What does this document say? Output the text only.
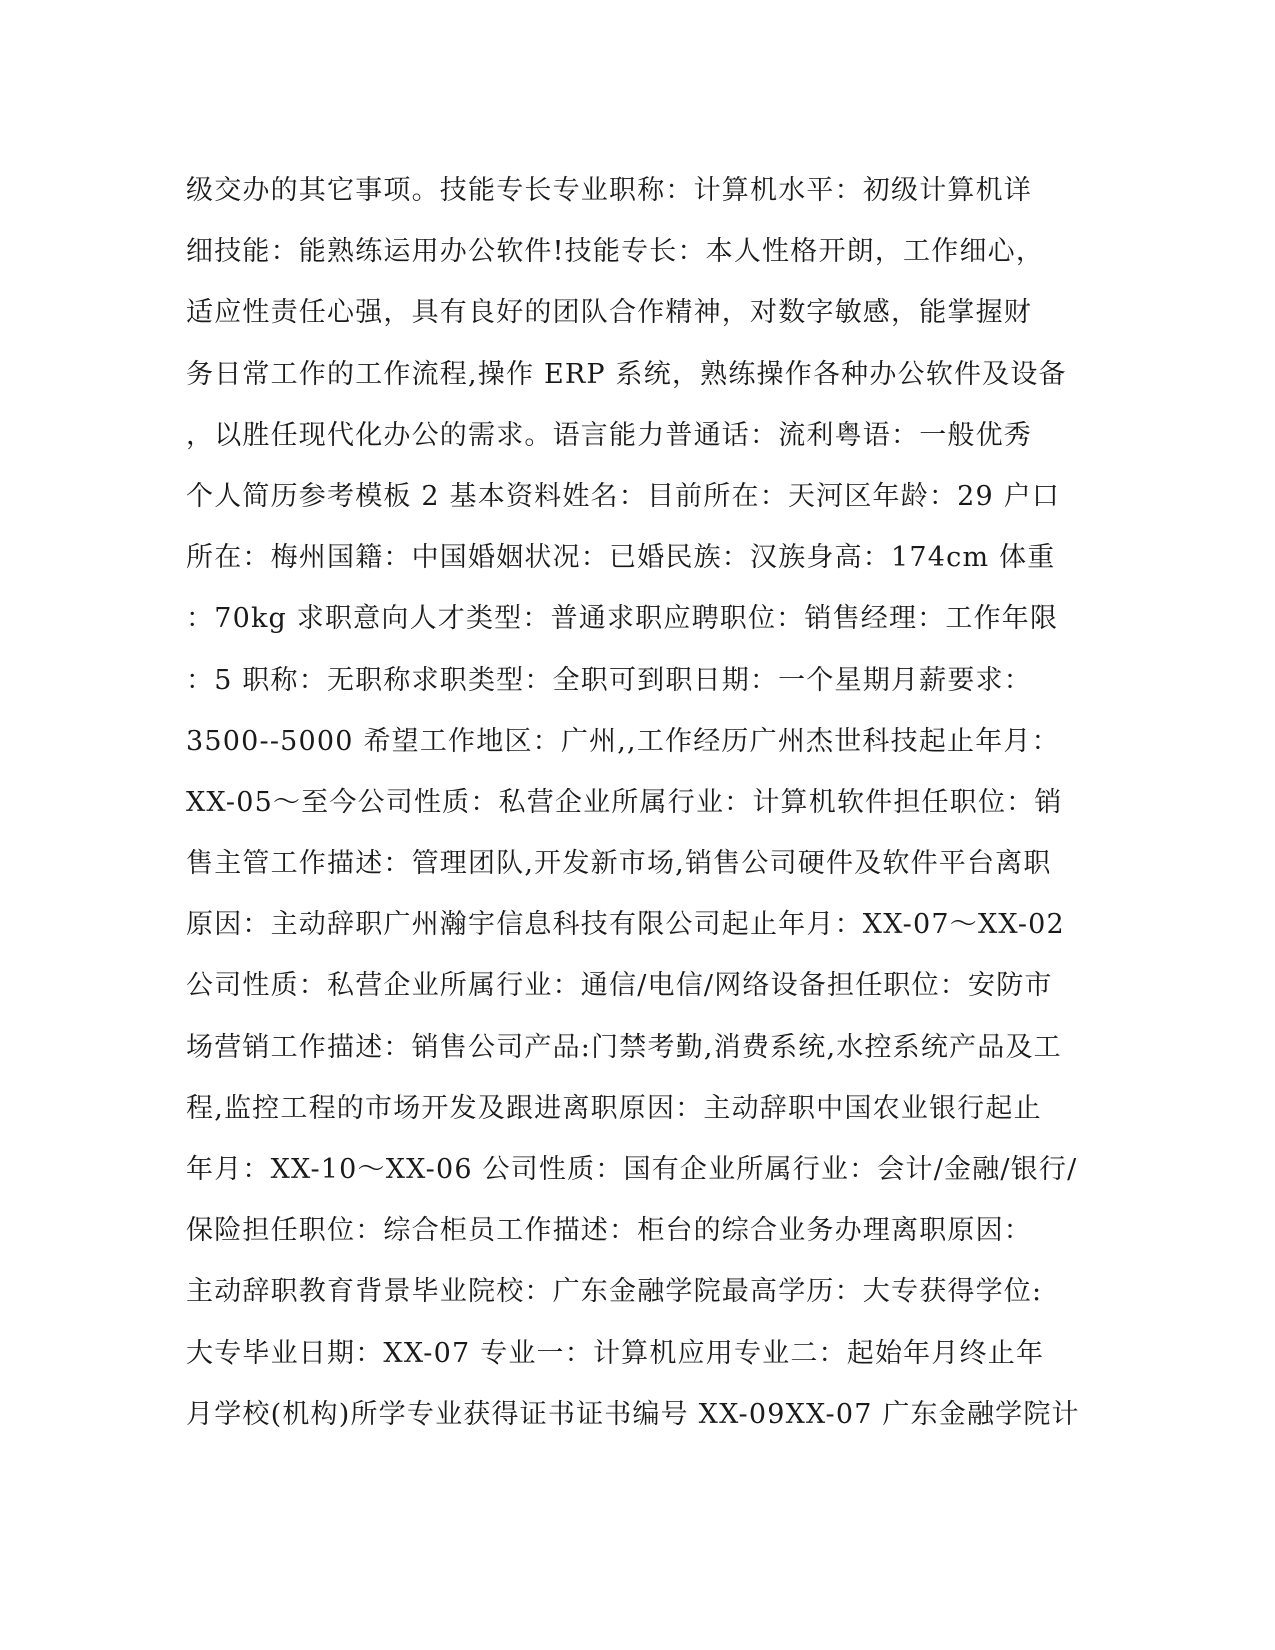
级交办的其它事项。技能专长专业职称：计算机水平：初级计算机详
细技能：能熟练运用办公软件!技能专长：本人性格开朗，工作细心，
适应性责任心强，具有良好的团队合作精神，对数字敏感，能掌握财
务日常工作的工作流程,操作 ERP 系统，熟练操作各种办公软件及设备
，以胜任现代化办公的需求。语言能力普通话：流利粤语：一般优秀
个人简历参考模板 2 基本资料姓名：目前所在：天河区年龄：29 户口
所在：梅州国籍：中国婚姻状况：已婚民族：汉族身高：174cm 体重
：70kg 求职意向人才类型：普通求职应聘职位：销售经理：工作年限
：5 职称：无职称求职类型：全职可到职日期：一个星期月薪要求：
3500--5000 希望工作地区：广州,,工作经历广州杰世科技起止年月：
XX-05～至今公司性质：私营企业所属行业：计算机软件担任职位：销
售主管工作描述：管理团队,开发新市场,销售公司硬件及软件平台离职
原因：主动辞职广州瀚宇信息科技有限公司起止年月：XX-07～XX-02
公司性质：私营企业所属行业：通信/电信/网络设备担任职位：安防市
场营销工作描述：销售公司产品:门禁考勤,消费系统,水控系统产品及工
程,监控工程的市场开发及跟进离职原因：主动辞职中国农业银行起止
年月：XX-10～XX-06 公司性质：国有企业所属行业：会计/金融/银行/
保险担任职位：综合柜员工作描述：柜台的综合业务办理离职原因：
主动辞职教育背景毕业院校：广东金融学院最高学历：大专获得学位:
大专毕业日期：XX-07 专业一：计算机应用专业二：起始年月终止年
月学校(机构)所学专业获得证书证书编号 XX-09XX-07 广东金融学院计
